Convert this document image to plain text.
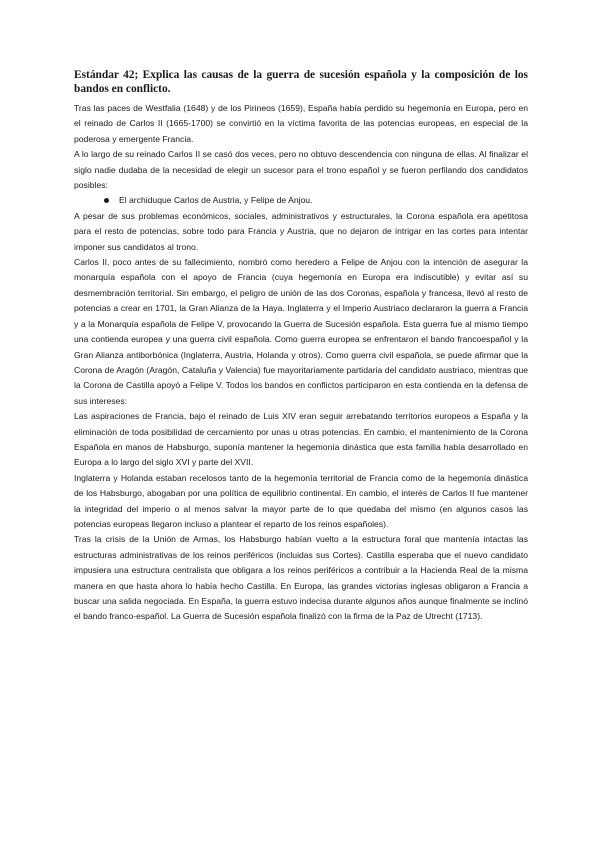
Estándar 42; Explica las causas de la guerra de sucesión española y la composición de los bandos en conflicto.

Tras las paces de Westfalia (1648) y de los Pirineos (1659), España había perdido su hegemonía en Europa, pero en el reinado de Carlos II (1665-1700) se convirtió en la víctima favorita de las potencias europeas, en especial de la poderosa y emergente Francia.

A lo largo de su reinado Carlos II se casó dos veces, pero no obtuvo descendencia con ninguna de ellas. Al finalizar el siglo nadie dudaba de la necesidad de elegir un sucesor para el trono español y se fueron perfilando dos candidatos posibles:

El archiduque Carlos de Austria, y Felipe de Anjou.

A pesar de sus problemas económicos, sociales, administrativos y estructurales, la Corona española era apetitosa para el resto de potencias, sobre todo para Francia y Austria, que no dejaron de intrigar en las cortes para intentar imponer sus candidatos al trono.

Carlos II, poco antes de su fallecimiento, nombró como heredero a Felipe de Anjou con la intención de asegurar la monarquía española con el apoyo de Francia (cuya hegemonía en Europa era indiscutible) y evitar así su desmembración territorial. Sin embargo, el peligro de unión de las dos Coronas, española y francesa, llevó al resto de potencias a crear en 1701, la Gran Alianza de la Haya. Inglaterra y el Imperio Austriaco declararon la guerra a Francia y a la Monarquía española de Felipe V, provocando la Guerra de Sucesión española. Esta guerra fue al mismo tiempo una contienda europea y una guerra civil española. Como guerra europea se enfrentaron el bando francoespañol y la Gran Alianza antiborbónica (Inglaterra, Austria, Holanda y otros). Como guerra civil española, se puede afirmar que la Corona de Aragón (Aragón, Cataluña y Valencia) fue mayoritariamente partidaria del candidato austriaco, mientras que la Corona de Castilla apoyó a Felipe V. Todos los bandos en conflictos participaron en esta contienda en la defensa de sus intereses:

Las aspiraciones de Francia, bajo el reinado de Luis XIV eran seguir arrebatando territorios europeos a España y la eliminación de toda posibilidad de cercamiento por unas u otras potencias. En cambio, el mantenimiento de la Corona Española en manos de Habsburgo, suponía mantener la hegemonía dinástica que esta familia había desarrollado en Europa a lo largo del siglo XVI y parte del XVII.

Inglaterra y Holanda estaban recelosos tanto de la hegemonía territorial de Francia como de la hegemonía dinástica de los Habsburgo, abogaban por una política de equilibrio continental. En cambio, el interés de Carlos II fue mantener la integridad del imperio o al menos salvar la mayor parte de lo que quedaba del mismo (en algunos casos las potencias europeas llegaron incluso a plantear el reparto de los reinos españoles).

Tras la crisis de la Unión de Armas, los Habsburgo habían vuelto a la estructura foral que mantenía intactas las estructuras administrativas de los reinos periféricos (incluidas sus Cortes). Castilla esperaba que el nuevo candidato impusiera una estructura centralista que obligara a los reinos periféricos a contribuir a la Hacienda Real de la misma manera en que hasta ahora lo había hecho Castilla. En Europa, las grandes victorias inglesas obligaron a Francia a buscar una salida negociada. En España, la guerra estuvo indecisa durante algunos años aunque finalmente se inclinó el bando franco-español. La Guerra de Sucesión española finalizó con la firma de la Paz de Utrecht (1713).
